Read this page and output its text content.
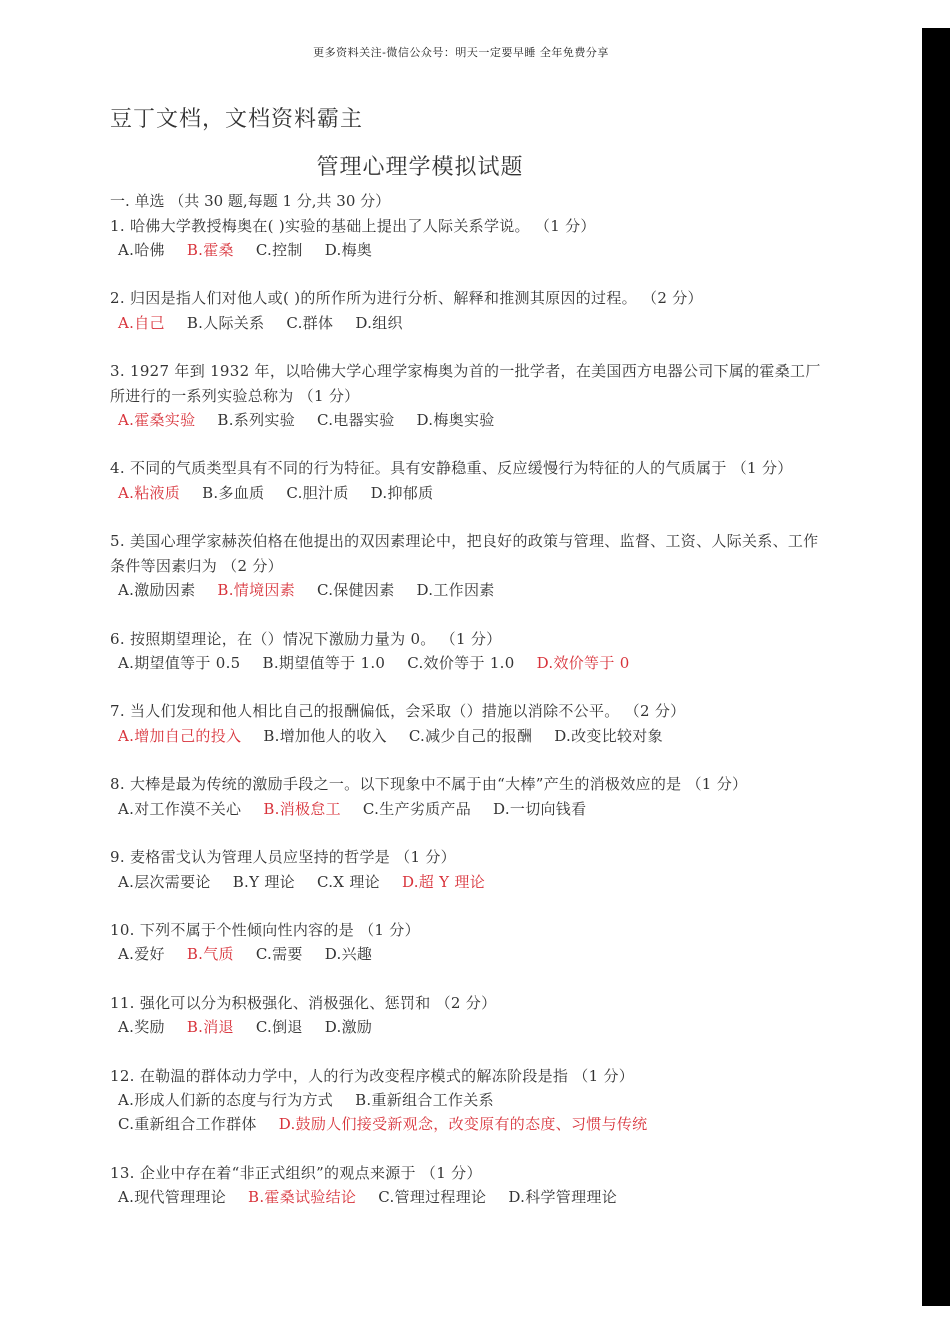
更多资料关注-微信公众号：明天一定要早睡 全年免费分享
豆丁文档，文档资料霸主
管理心理学模拟试题
一. 单选 （共 30 题,每题 1 分,共 30 分）
1. 哈佛大学教授梅奥在( )实验的基础上提出了人际关系学说。 （1 分）
A.哈佛 B.霍桑 C.控制 D.梅奥
2. 归因是指人们对他人或( )的所作所为进行分析、解释和推测其原因的过程。 （2 分）
A.自己 B.人际关系 C.群体 D.组织
3. 1927 年到 1932 年，以哈佛大学心理学家梅奥为首的一批学者，在美国西方电器公司下属的霍桑工厂所进行的一系列实验总称为 （1 分）
A.霍桑实验 B.系列实验 C.电器实验 D.梅奥实验
4. 不同的气质类型具有不同的行为特征。具有安静稳重、反应缓慢行为特征的人的气质属于 （1 分）
A.粘液质 B.多血质 C.胆汁质 D.抑郁质
5. 美国心理学家赫茨伯格在他提出的双因素理论中，把良好的政策与管理、监督、工资、人际关系、工作条件等因素归为 （2 分）
A.激励因素 B.情境因素 C.保健因素 D.工作因素
6. 按照期望理论，在（）情况下激励力量为 0。 （1 分）
A.期望值等于 0.5 B.期望值等于 1.0 C.效价等于 1.0 D.效价等于 0
7. 当人们发现和他人相比自己的报酬偏低，会采取（）措施以消除不公平。 （2 分）
A.增加自己的投入 B.增加他人的收入 C.减少自己的报酬 D.改变比较对象
8. 大棒是最为传统的激励手段之一。以下现象中不属于由“大棒”产生的消极效应的是 （1 分）
A.对工作漠不关心 B.消极怠工 C.生产劣质产品 D.一切向钱看
9. 麦格雷戈认为管理人员应坚持的哲学是 （1 分）
A.层次需要论 B.Y 理论 C.X 理论 D.超 Y 理论
10. 下列不属于个性倾向性内容的是 （1 分）
A.爱好 B.气质 C.需要 D.兴趣
11. 强化可以分为积极强化、消极强化、惩罚和 （2 分）
A.奖励 B.消退 C.倒退 D.激励
12. 在勒温的群体动力学中，人的行为改变程序模式的解冻阶段是指 （1 分）
A.形成人们新的态度与行为方式 B.重新组合工作关系
C.重新组合工作群体 D.鼓励人们接受新观念，改变原有的态度、习惯与传统
13. 企业中存在着“非正式组织”的观点来源于 （1 分）
A.现代管理理论 B.霍桑试验结论 C.管理过程理论 D.科学管理理论
